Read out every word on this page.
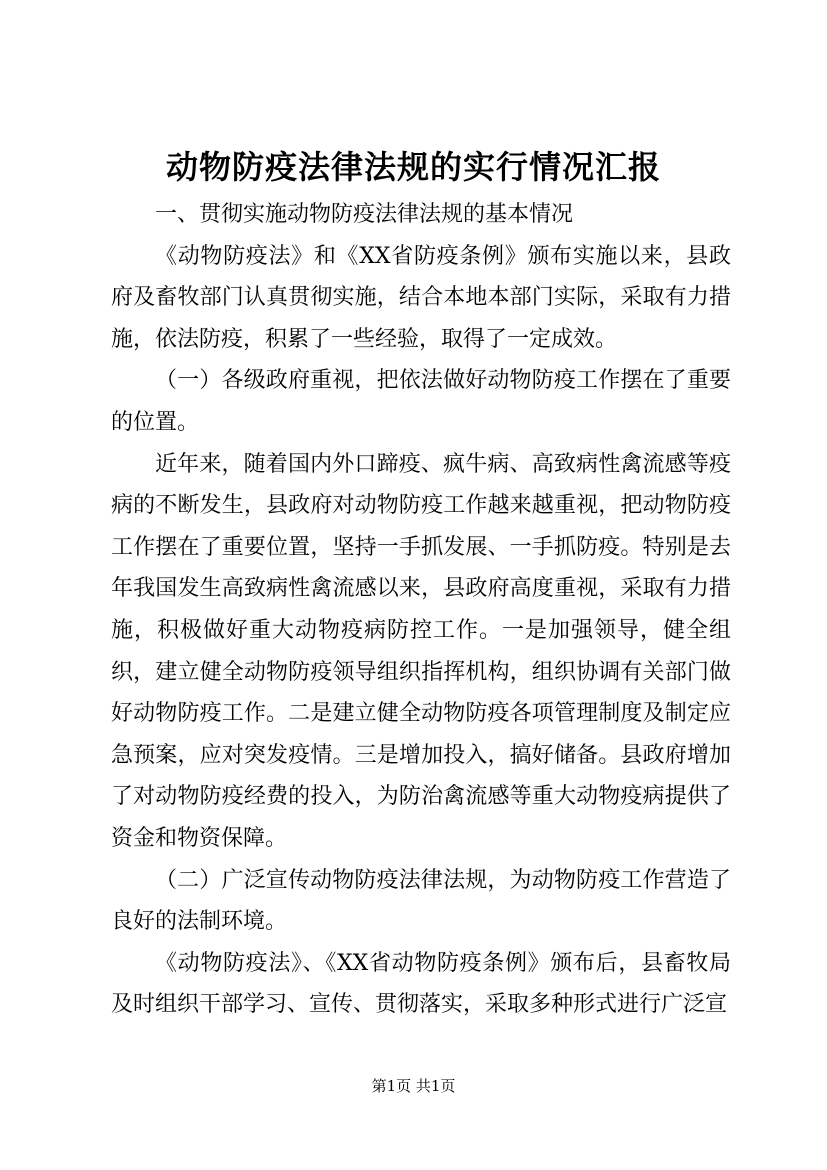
动物防疫法律法规的实行情况汇报

一、贯彻实施动物防疫法律法规的基本情况

《动物防疫法》和《XX省防疫条例》颁布实施以来，县政府及畜牧部门认真贯彻实施，结合本地本部门实际，采取有力措施，依法防疫，积累了一些经验，取得了一定成效。

（一）各级政府重视，把依法做好动物防疫工作摆在了重要的位置。

近年来，随着国内外口蹄疫、疯牛病、高致病性禽流感等疫病的不断发生，县政府对动物防疫工作越来越重视，把动物防疫工作摆在了重要位置，坚持一手抓发展、一手抓防疫。特别是去年我国发生高致病性禽流感以来，县政府高度重视，采取有力措施，积极做好重大动物疫病防控工作。一是加强领导，健全组织，建立健全动物防疫领导组织指挥机构，组织协调有关部门做好动物防疫工作。二是建立健全动物防疫各项管理制度及制定应急预案，应对突发疫情。三是增加投入，搞好储备。县政府增加了对动物防疫经费的投入，为防治禽流感等重大动物疫病提供了资金和物资保障。

（二）广泛宣传动物防疫法律法规，为动物防疫工作营造了良好的法制环境。

《动物防疫法》、《XX省动物防疫条例》颁布后，县畜牧局及时组织干部学习、宣传、贯彻落实，采取多种形式进行广泛宣

第1页 共1页
